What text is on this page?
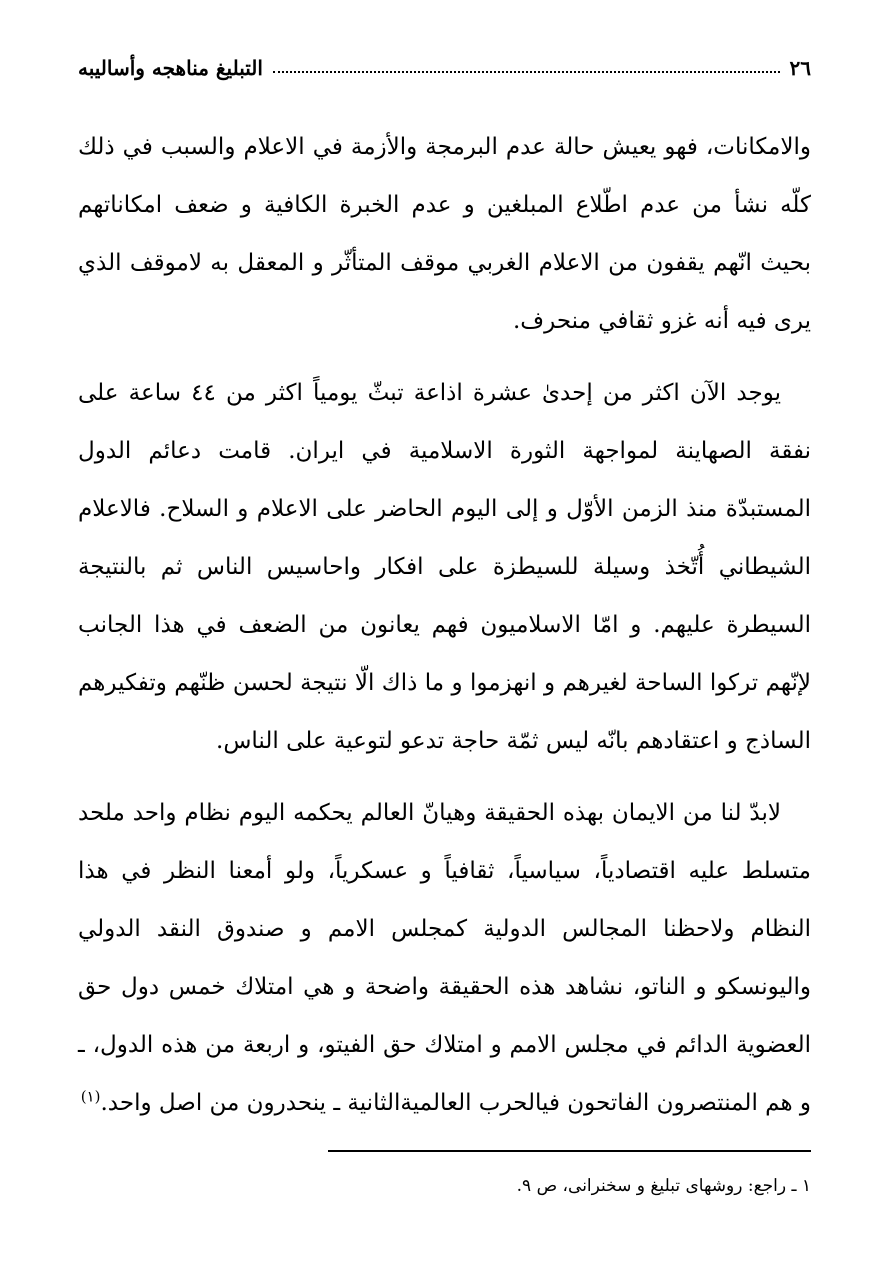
٢٦
التبليغ مناهجه وأساليبه

والامكانات، فهو يعيش حالة عدم البرمجة والأزمة في الاعلام والسبب في ذلك كلّه نشأ من عدم اطّلاع المبلغين و عدم الخبرة الكافية و ضعف امكاناتهم بحيث انّهم يقفون من الاعلام الغربي موقف المتأثّر و المعقل به لاموقف الذي يرى فيه أنه غزو ثقافي منحرف.

يوجد الآن اكثر من إحدىٰ عشرة اذاعة تبثّ يومياً اكثر من ٤٤ ساعة على نفقة الصهاينة لمواجهة الثورة الاسلامية في ايران. قامت دعائم الدول المستبدّة منذ الزمن الأوّل و إلى اليوم الحاضر على الاعلام و السلاح. فالاعلام الشيطاني أُتّخذ وسيلة للسيطزة على افكار واحاسيس الناس ثم بالنتيجة السيطرة عليهم. و امّا الاسلاميون فهم يعانون من الضعف في هذا الجانب لإنّهم تركوا الساحة لغيرهم و انهزموا و ما ذاك الّا نتيجة لحسن ظنّهم وتفكيرهم الساذج و اعتقادهم بانّه ليس ثمّة حاجة تدعو لتوعية على الناس.

لابدّ لنا من الايمان بهذه الحقيقة وهيانّ العالم يحكمه اليوم نظام واحد ملحد متسلط عليه اقتصادياً، سياسياً، ثقافياً و عسكرياً، ولو أمعنا النظر في هذا النظام ولاحظنا المجالس الدولية كمجلس الامم و صندوق النقد الدولي واليونسكو و الناتو، نشاهد هذه الحقيقة واضحة و هي امتلاك خمس دول حق العضوية الدائم في مجلس الامم و امتلاك حق الفيتو، و اربعة من هذه الدول، ـ و هم المنتصرون الفاتحون فيالحرب العالميةالثانية ـ ينحدرون من اصل واحد.$^{(١)}$

١ ـ راجع: روشهاى تبليغ و سخنرانى، ص ٩.
